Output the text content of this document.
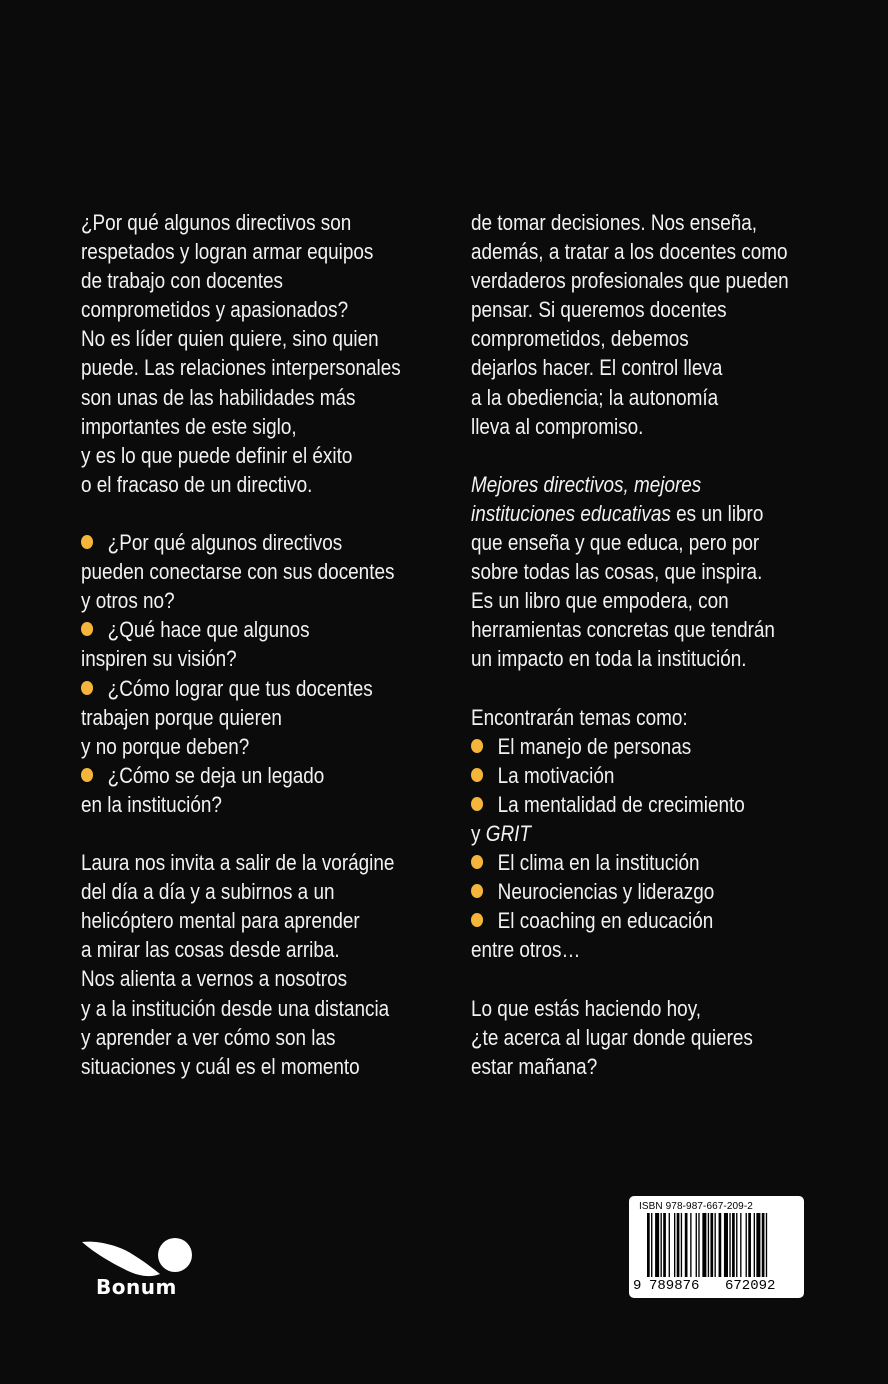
¿Por qué algunos directivos son
respetados y logran armar equipos
de trabajo con docentes
comprometidos y apasionados?
No es líder quien quiere, sino quien
puede. Las relaciones interpersonales
son unas de las habilidades más
importantes de este siglo,
y es lo que puede definir el éxito
o el fracaso de un directivo.
¿Por qué algunos directivos
pueden conectarse con sus docentes
y otros no?
¿Qué hace que algunos
inspiren su visión?
¿Cómo lograr que tus docentes
trabajen porque quieren
y no porque deben?
¿Cómo se deja un legado
en la institución?
Laura nos invita a salir de la vorágine
del día a día y a subirnos a un
helicóptero mental para aprender
a mirar las cosas desde arriba.
Nos alienta a vernos a nosotros
y a la institución desde una distancia
y aprender a ver cómo son las
situaciones y cuál es el momento
de tomar decisiones. Nos enseña,
además, a tratar a los docentes como
verdaderos profesionales que pueden
pensar. Si queremos docentes
comprometidos, debemos
dejarlos hacer. El control lleva
a la obediencia; la autonomía
lleva al compromiso.
Mejores directivos, mejores
instituciones educativas es un libro
que enseña y que educa, pero por
sobre todas las cosas, que inspira.
Es un libro que empodera, con
herramientas concretas que tendrán
un impacto en toda la institución.
Encontrarán temas como:
El manejo de personas
La motivación
La mentalidad de crecimiento
y GRIT
El clima en la institución
Neurociencias y liderazgo
El coaching en educación
entre otros…
Lo que estás haciendo hoy,
¿te acerca al lugar donde quieres
estar mañana?
Bonum
ISBN 978-987-667-209-2
9 789876 672092
